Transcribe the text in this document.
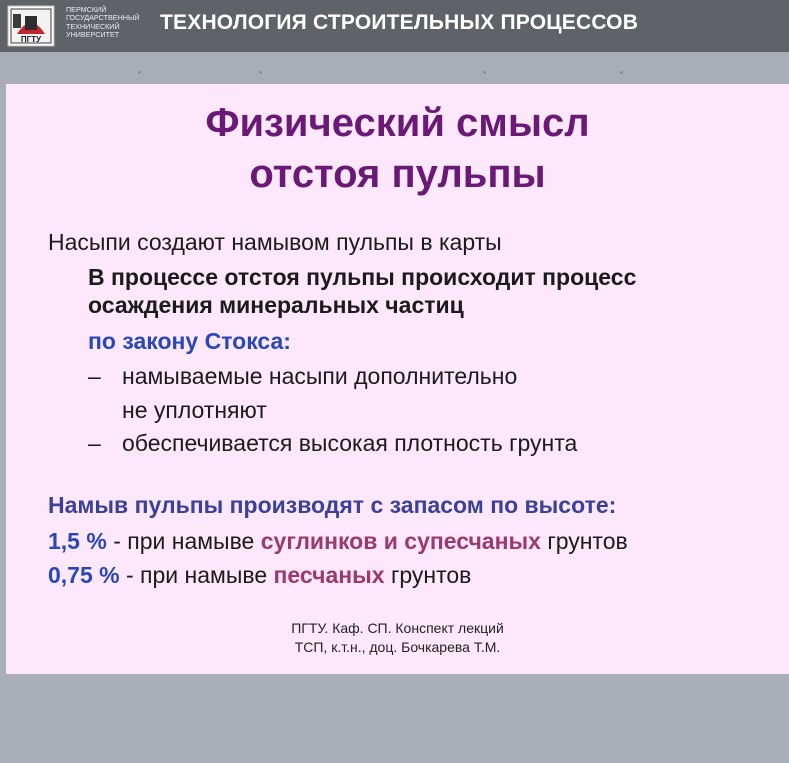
ПГТУ
ПЕРМСКИЙ
ГОСУДАРСТВЕННЫЙ
ТЕХНИЧЕСКИЙ
УНИВЕРСИТЕТ
ТЕХНОЛОГИЯ СТРОИТЕЛЬНЫХ ПРОЦЕССОВ
Физический смысл
отстоя пульпы
Насыпи создают намывом пульпы в карты
В процессе отстоя пульпы происходит процесс
осаждения минеральных частиц
по закону Стокса:
– намываемые насыпи дополнительно
не уплотняют
– обеспечивается высокая плотность грунта
Намыв пульпы производят с запасом по высоте:
1,5 % - при намыве суглинков и супесчаных грунтов
0,75 % - при намыве песчаных грунтов
ПГТУ. Каф. СП. Конспект лекций
ТСП, к.т.н., доц. Бочкарева Т.М.
